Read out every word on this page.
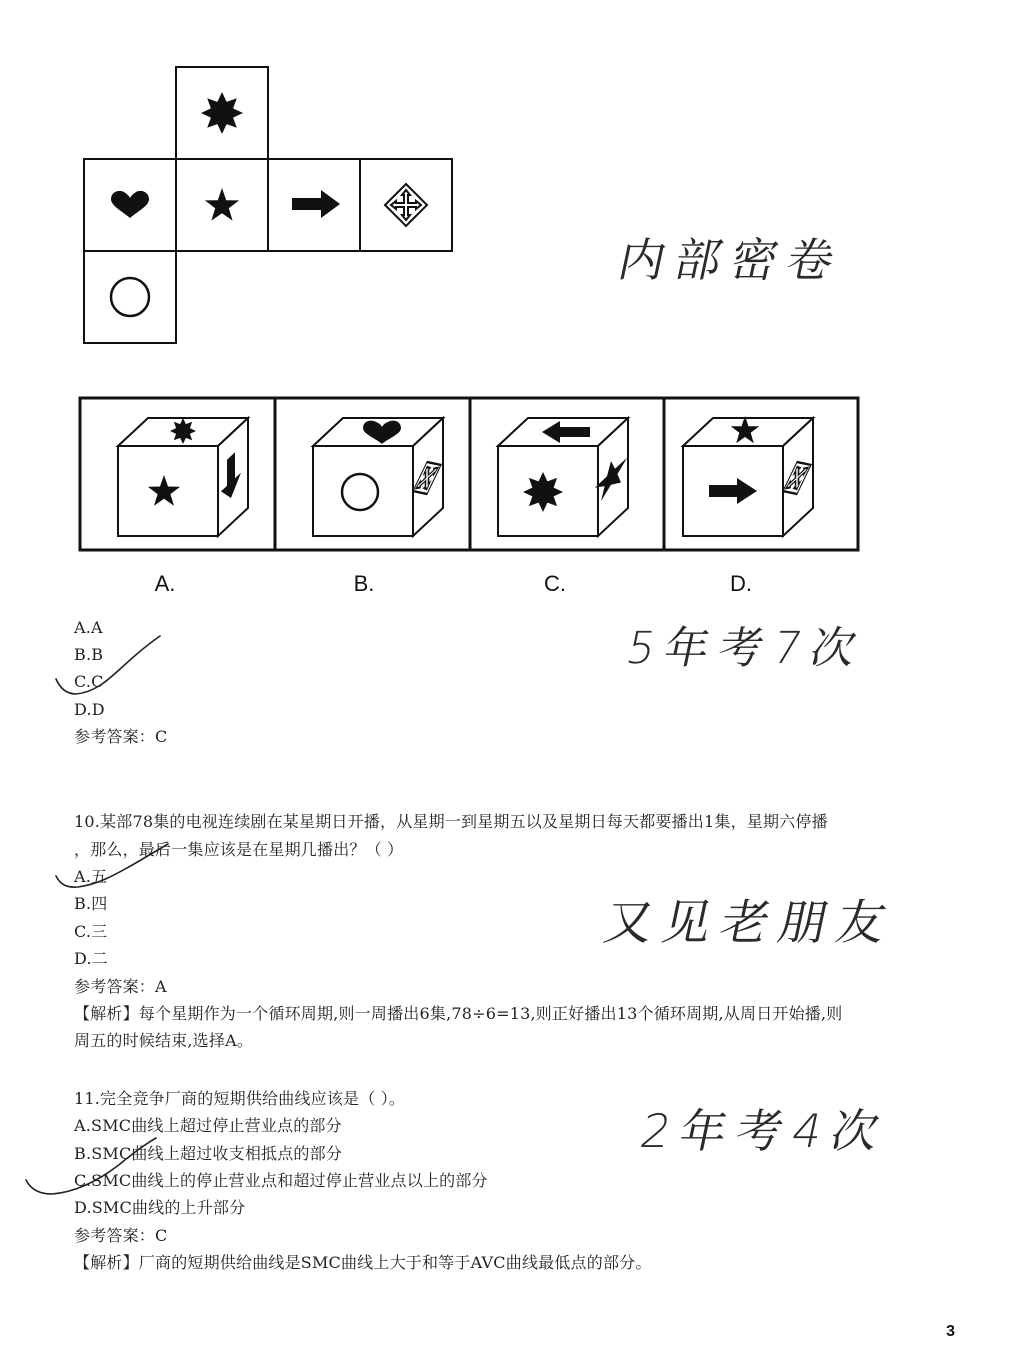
A.	B.	C.	D.
A.A
B.B
C.C
D.D
参考答案：C
10.某部78集的电视连续剧在某星期日开播，从星期一到星期五以及星期日每天都要播出1集，星期六停播
，那么，最后一集应该是在星期几播出？（ ）
A.五
B.四
C.三
D.二
参考答案：A
【解析】每个星期作为一个循环周期,则一周播出6集,78÷6=13,则正好播出13个循环周期,从周日开始播,则
周五的时候结束,选择A。
11.完全竞争厂商的短期供给曲线应该是（ ）。
A.SMC曲线上超过停止营业点的部分
B.SMC曲线上超过收支相抵点的部分
C.SMC曲线上的停止营业点和超过停止营业点以上的部分
D.SMC曲线的上升部分
参考答案：C
【解析】厂商的短期供给曲线是SMC曲线上大于和等于AVC曲线最低点的部分。
内部密卷
5年考7次
又见老朋友
2年考4次
3
